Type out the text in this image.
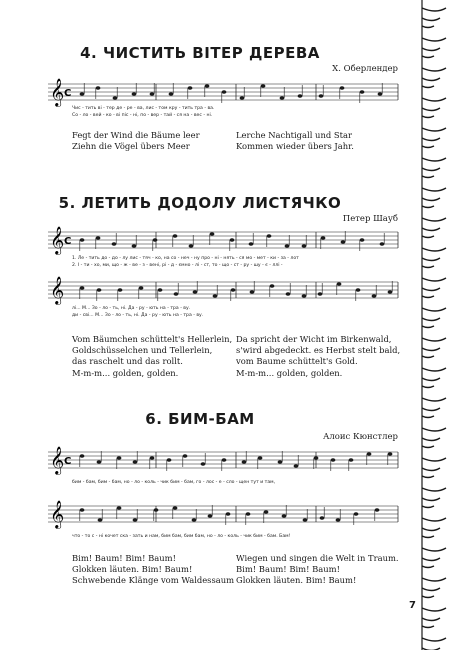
4. ЧИСТИТЬ ВІТЕР ДЕРЕВА
Х. Оберлендер
𝄞 C
Чис - тить ві - тер де - ре - ва, лис - том кру - тить тра - ва.
Со - ло - вей - ко - ві піс - ні, по - вер - тай - ся на - вес - ні.
Fegt der Wind die Bäume leer
Ziehn die Vögel übers Meer
Lerche Nachtigall und Star
Kommen wieder übers Jahr.
5. ЛЕТИТЬ ДОДОЛУ ЛИСТЯЧКО
Петер Шауб
𝄞 C
1. Ле - тить до - до - лу лис - тяч - ко, на со - неч - ну про - ні - нять - ся мо - мет - ки - за - лот
2. І - ти - хо, ми, що - ж - ве - з - вені, рі - д - ємно - лі - ст, то - що - ст - ру - шу - є - ллі -
𝄞
лі... М... Зо - ло - ть, ні. Да - ру - ють на - тра - ву.
ди - сві... М... Зо - ло - ть, ні. Да - ру - ють на - тра - ву.
Vom Bäumchen schüttelt's Hellerlein,
Goldschüsselchen und Tellerlein,
das raschelt und das rollt.
M-m-m... golden, golden.
Da spricht der Wicht im Birkenwald,
s'wird abgedeckt. es Herbst stelt bald,
vom Baume schüttelt's Gold.
M-m-m... golden, golden.
6. БИМ-БАМ
Алоис Кюнстлер
𝄞 C
бим - бам, бим - бам, но - ло - коль - чик бим - бам, го - лос - е - сло - щен тут и там,
𝄞
что - то с - ні кочет ска - зать и нам, бим бам, бим бам, но - ло - коль - чик бим - бам. Бам!
Bim! Baum! Bim! Baum!
Glokken läuten. Bim! Baum!
Schwebende Klänge vom Waldessaum
Wiegen und singen die Welt in Traum.
Bim! Baum! Bim! Baum!
Glokken läuten. Bim! Baum!
7
